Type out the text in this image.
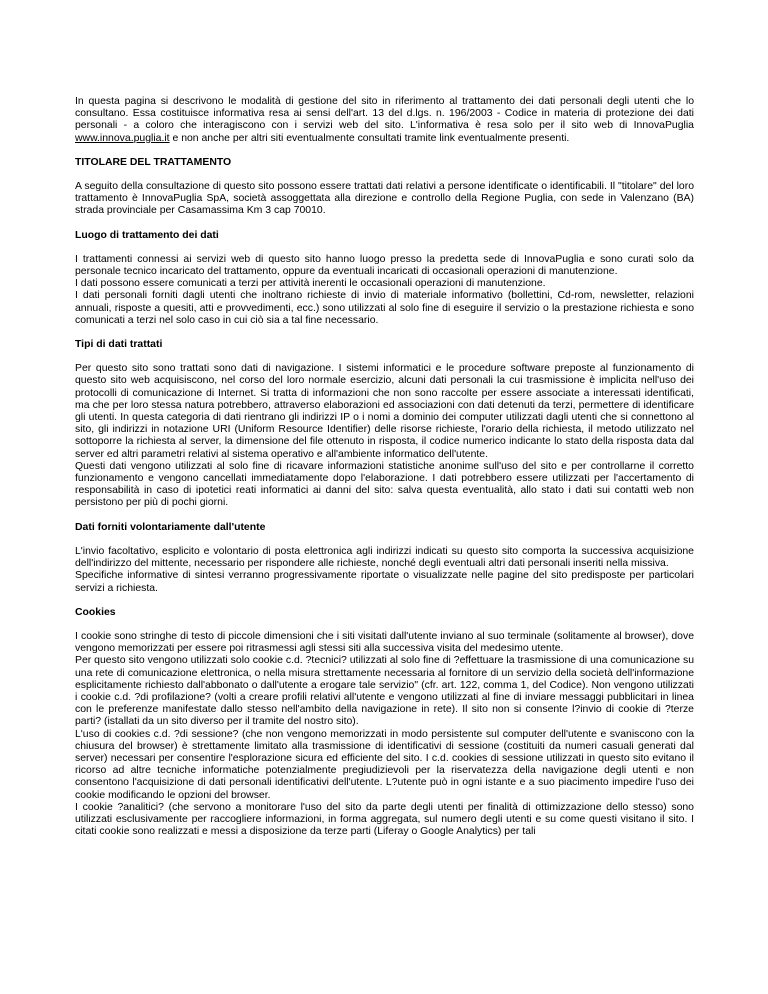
In questa pagina si descrivono le modalità di gestione del sito in riferimento al trattamento dei dati personali degli utenti che lo consultano. Essa costituisce informativa resa ai sensi dell'art. 13 del d.lgs. n. 196/2003 - Codice in materia di protezione dei dati personali - a coloro che interagiscono con i servizi web del sito. L'informativa è resa solo per il sito web di InnovaPuglia www.innova.puglia.it e non anche per altri siti eventualmente consultati tramite link eventualmente presenti.

TITOLARE DEL TRATTAMENTO

A seguito della consultazione di questo sito possono essere trattati dati relativi a persone identificate o identificabili. Il "titolare" del loro trattamento è InnovaPuglia SpA, società assoggettata alla direzione e controllo della Regione Puglia, con sede in Valenzano (BA) strada provinciale per Casamassima Km 3 cap 70010.

Luogo di trattamento dei dati

I trattamenti connessi ai servizi web di questo sito hanno luogo presso la predetta sede di InnovaPuglia e sono curati solo da personale tecnico incaricato del trattamento, oppure da eventuali incaricati di occasionali operazioni di manutenzione.

I dati possono essere comunicati a terzi per attività inerenti le occasionali operazioni di manutenzione.

I dati personali forniti dagli utenti che inoltrano richieste di invio di materiale informativo (bollettini, Cd-rom, newsletter, relazioni annuali, risposte a quesiti, atti e provvedimenti, ecc.) sono utilizzati al solo fine di eseguire il servizio o la prestazione richiesta e sono comunicati a terzi nel solo caso in cui ciò sia a tal fine necessario.

Tipi di dati trattati

Per questo sito sono trattati sono dati di navigazione. I sistemi informatici e le procedure software preposte al funzionamento di questo sito web acquisiscono, nel corso del loro normale esercizio, alcuni dati personali la cui trasmissione è implicita nell'uso dei protocolli di comunicazione di Internet. Si tratta di informazioni che non sono raccolte per essere associate a interessati identificati, ma che per loro stessa natura potrebbero, attraverso elaborazioni ed associazioni con dati detenuti da terzi, permettere di identificare gli utenti. In questa categoria di dati rientrano gli indirizzi IP o i nomi a dominio dei computer utilizzati dagli utenti che si connettono al sito, gli indirizzi in notazione URI (Uniform Resource Identifier) delle risorse richieste, l'orario della richiesta, il metodo utilizzato nel sottoporre la richiesta al server, la dimensione del file ottenuto in risposta, il codice numerico indicante lo stato della risposta data dal server ed altri parametri relativi al sistema operativo e all'ambiente informatico dell'utente.

Questi dati vengono utilizzati al solo fine di ricavare informazioni statistiche anonime sull'uso del sito e per controllarne il corretto funzionamento e vengono cancellati immediatamente dopo l'elaborazione. I dati potrebbero essere utilizzati per l'accertamento di responsabilità in caso di ipotetici reati informatici ai danni del sito: salva questa eventualità, allo stato i dati sui contatti web non persistono per più di pochi giorni.

Dati forniti volontariamente dall'utente

L'invio facoltativo, esplicito e volontario di posta elettronica agli indirizzi indicati su questo sito comporta la successiva acquisizione dell'indirizzo del mittente, necessario per rispondere alle richieste, nonché degli eventuali altri dati personali inseriti nella missiva.

Specifiche informative di sintesi verranno progressivamente riportate o visualizzate nelle pagine del sito predisposte per particolari servizi a richiesta.

Cookies

I cookie sono stringhe di testo di piccole dimensioni che i siti visitati dall'utente inviano al suo terminale (solitamente al browser), dove vengono memorizzati per essere poi ritrasmessi agli stessi siti alla successiva visita del medesimo utente.

Per questo sito vengono utilizzati solo cookie c.d. ?tecnici? utilizzati al solo fine di ?effettuare la trasmissione di una comunicazione su una rete di comunicazione elettronica, o nella misura strettamente necessaria al fornitore di un servizio della società dell'informazione esplicitamente richiesto dall'abbonato o dall'utente a erogare tale servizio" (cfr. art. 122, comma 1, del Codice). Non vengono utilizzati i cookie c.d. ?di profilazione? (volti a creare profili relativi all'utente e vengono utilizzati al fine di inviare messaggi pubblicitari in linea con le preferenze manifestate dallo stesso nell'ambito della navigazione in rete). Il sito non si consente l?invio di cookie di ?terze parti? (istallati da un sito diverso per il tramite del nostro sito).

L'uso di cookies c.d. ?di sessione? (che non vengono memorizzati in modo persistente sul computer dell'utente e svaniscono con la chiusura del browser) è strettamente limitato alla trasmissione di identificativi di sessione (costituiti da numeri casuali generati dal server) necessari per consentire l'esplorazione sicura ed efficiente del sito. I c.d. cookies di sessione utilizzati in questo sito evitano il ricorso ad altre tecniche informatiche potenzialmente pregiudizievoli per la riservatezza della navigazione degli utenti e non consentono l'acquisizione di dati personali identificativi dell'utente. L?utente può in ogni istante e a suo piacimento impedire l'uso dei cookie modificando le opzioni del browser.

I cookie ?analitici? (che servono a monitorare l'uso del sito da parte degli utenti per finalità di ottimizzazione dello stesso) sono utilizzati esclusivamente per raccogliere informazioni, in forma aggregata, sul numero degli utenti e su come questi visitano il sito. I citati cookie sono realizzati e messi a disposizione da terze parti (Liferay o Google Analytics) per tali
